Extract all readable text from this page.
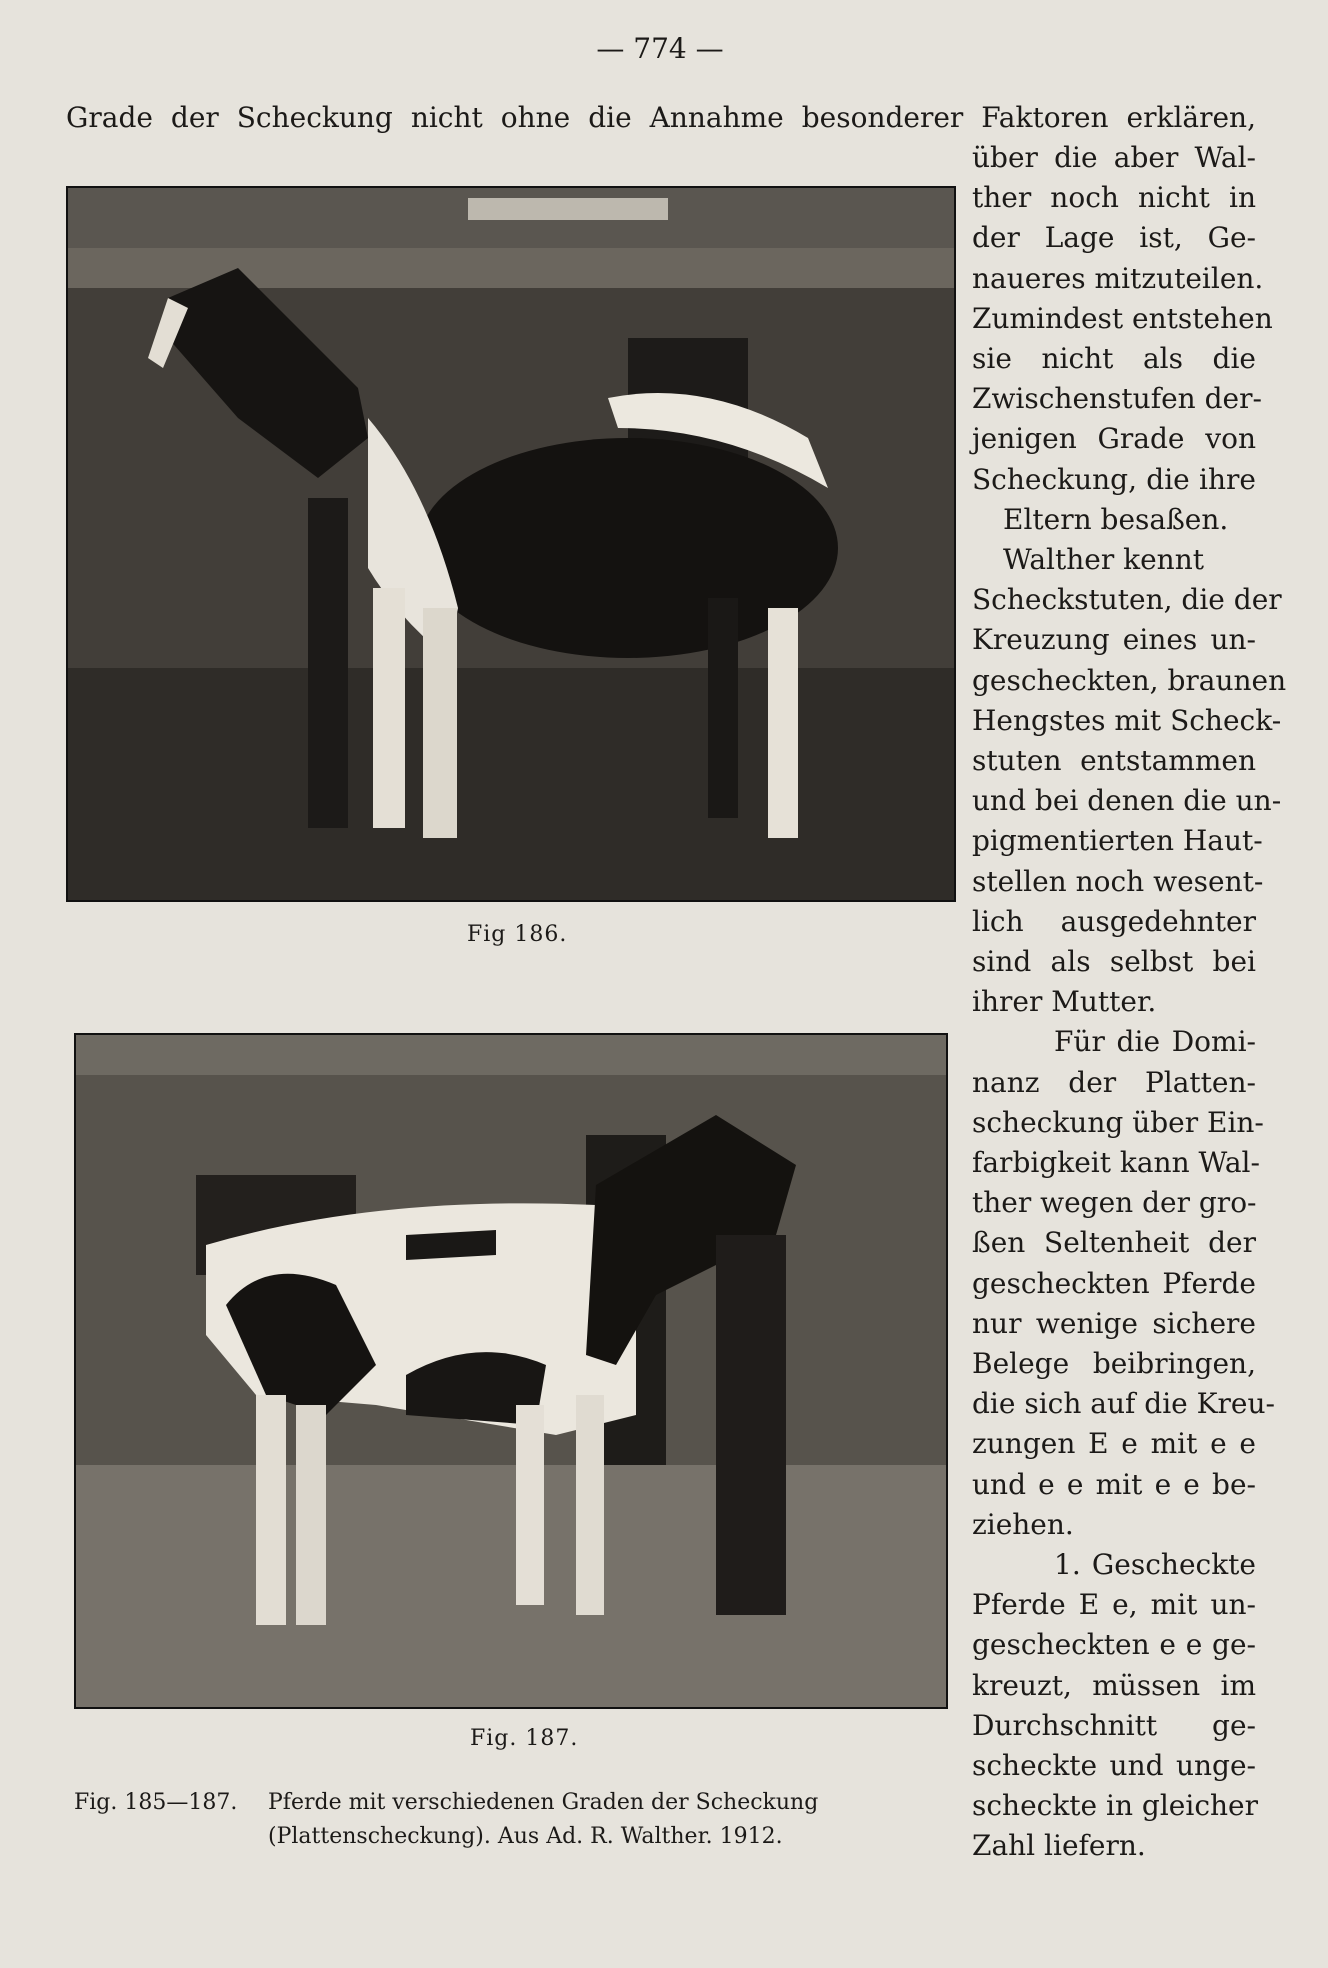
— 774 —
Grade der Scheckung nicht ohne die Annahme besonderer Faktoren erklären,
über die aber Wal-
ther noch nicht in
der Lage ist, Ge-
naueres mitzuteilen.
Zumindest entstehen
sie nicht als die
Zwischenstufen der-
jenigen Grade von
Scheckung, die ihre
Eltern besaßen.
Walther kennt
Scheckstuten, die der
Kreuzung eines un-
gescheckten, braunen
Hengstes mit Scheck-
stuten entstammen
und bei denen die un-
pigmentierten Haut-
stellen noch wesent-
lich ausgedehnter
sind als selbst bei
ihrer Mutter.
Für die Domi-
nanz der Platten-
scheckung über Ein-
farbigkeit kann Wal-
ther wegen der gro-
ßen Seltenheit der
gescheckten Pferde
nur wenige sichere
Belege beibringen,
die sich auf die Kreu-
zungen E e mit e e
und e e mit e e be-
ziehen.
1. Gescheckte
Pferde E e, mit un-
gescheckten e e ge-
kreuzt, müssen im
Durchschnitt ge-
scheckte und unge-
scheckte in gleicher
Zahl liefern.
Fig 186.
Fig. 187.
Fig. 185—187. Pferde mit verschiedenen Graden der Scheckung (Plattenscheckung). Aus Ad. R. Walther. 1912.
